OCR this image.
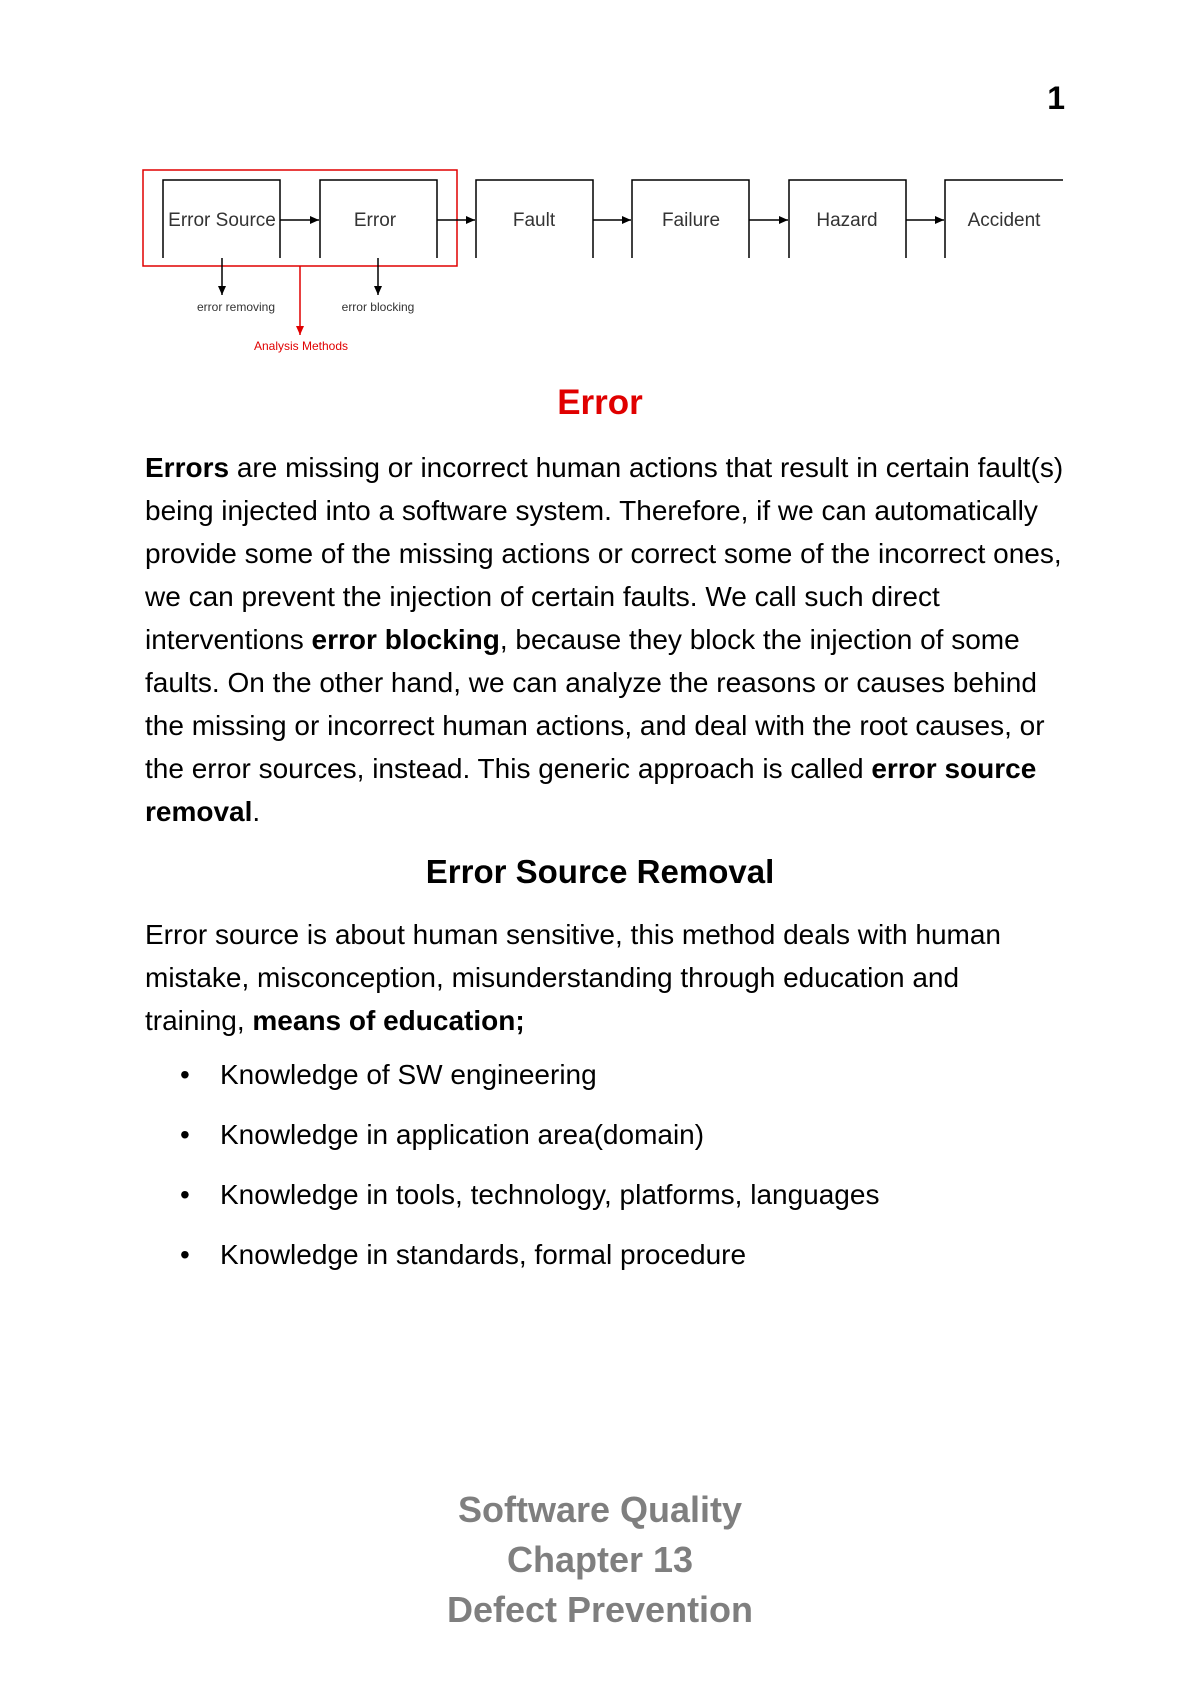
1
Error Source	Error	Fault	Failure	Hazard	Accident
error removing	error blocking
Analysis Methods
Error

Errors are missing or incorrect human actions that result in certain fault(s) being injected into a software system. Therefore, if we can automatically provide some of the missing actions or correct some of the incorrect ones, we can prevent the injection of certain faults. We call such direct interventions error blocking, because they block the injection of some faults. On the other hand, we can analyze the reasons or causes behind the missing or incorrect human actions, and deal with the root causes, or the error sources, instead. This generic approach is called error source removal.

Error Source Removal

Error source is about human sensitive, this method deals with human mistake, misconception, misunderstanding through education and training, means of education;

• Knowledge of SW engineering
• Knowledge in application area(domain)
• Knowledge in tools, technology, platforms, languages
• Knowledge in standards, formal procedure
Software Quality
Chapter 13
Defect Prevention
